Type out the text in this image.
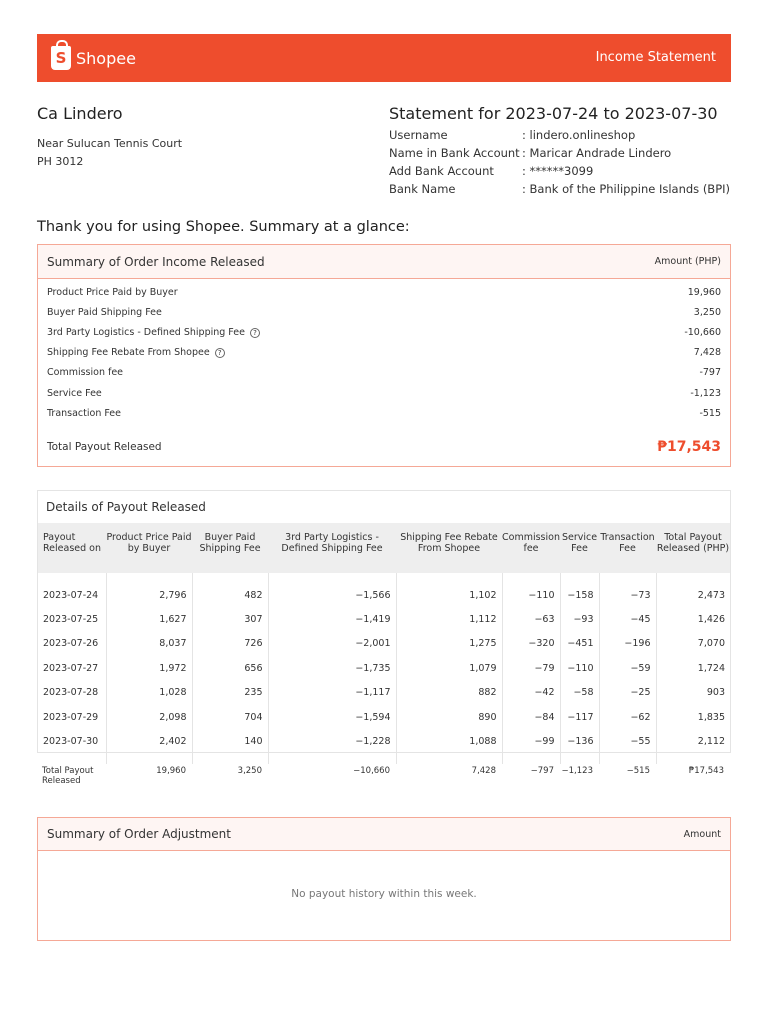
S Shopee	Income Statement
Ca Lindero
Near Sulucan Tennis Court
PH 3012
Statement for 2023-07-24 to 2023-07-30
Username	: lindero.onlineshop
Name in Bank Account : Maricar Andrade Lindero
Add Bank Account	: ******3099
Bank Name	: Bank of the Philippine Islands (BPI)
Thank you for using Shopee. Summary at a glance:
Summary of Order Income Released	Amount (PHP)
Product Price Paid by Buyer	19,960
Buyer Paid Shipping Fee	3,250
3rd Party Logistics - Defined Shipping Fee ?	-10,660
Shipping Fee Rebate From Shopee ?	7,428
Commission fee	-797
Service Fee	-1,123
Transaction Fee	-515
Total Payout Released	₱17,543
Details of Payout Released
Payout Released on	Product Price Paid by Buyer	Buyer Paid Shipping Fee	3rd Party Logistics - Defined Shipping Fee	Shipping Fee Rebate From Shopee	Commission fee	Service Fee	Transaction Fee	Total Payout Released (PHP)
2023-07-24	2,796	482	−1,566	1,102	−110	−158	−73	2,473
2023-07-25	1,627	307	−1,419	1,112	−63	−93	−45	1,426
2023-07-26	8,037	726	−2,001	1,275	−320	−451	−196	7,070
2023-07-27	1,972	656	−1,735	1,079	−79	−110	−59	1,724
2023-07-28	1,028	235	−1,117	882	−42	−58	−25	903
2023-07-29	2,098	704	−1,594	890	−84	−117	−62	1,835
2023-07-30	2,402	140	−1,228	1,088	−99	−136	−55	2,112

Total Payout Released	19,960	3,250	−10,660	7,428	−797	−1,123	−515	₱17,543
Summary of Order Adjustment	Amount
No payout history within this week.
